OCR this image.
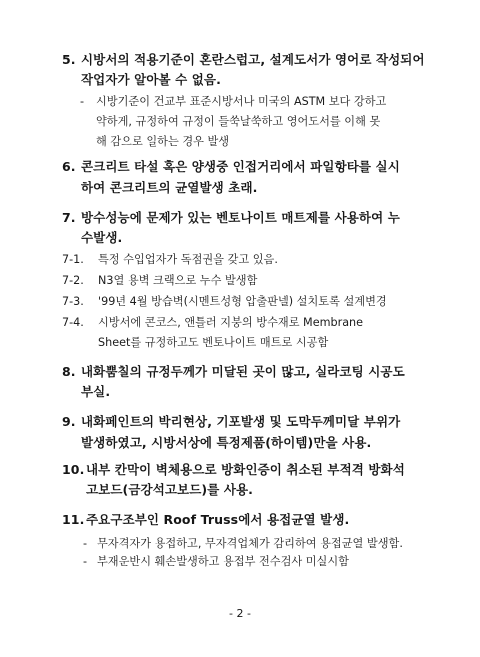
5. 시방서의 적용기준이 혼란스럽고, 설계도서가 영어로 작성되어
작업자가 알아볼 수 없음.
- 시방기준이 건교부 표준시방서나 미국의 ASTM 보다 강하고
약하게, 규정하여 규정이 들쑥날쑥하고 영어도서를 이해 못
해 감으로 일하는 경우 발생
6. 콘크리트 타설 혹은 양생중 인접거리에서 파일항타를 실시
하여 콘크리트의 균열발생 초래.
7. 방수성능에 문제가 있는 벤토나이트 매트제를 사용하여 누
수발생.
7-1. 특정 수입업자가 독점권을 갖고 있음.
7-2. N3열 용벽 크랙으로 누수 발생함
7-3. '99년 4월 방습벽(시멘트성형 압출판넬) 설치토록 설계변경
7-4. 시방서에 콘코스, 앤틀러 지붕의 방수재로 Membrane
Sheet를 규정하고도 벤토나이트 매트로 시공함
8. 내화뿜칠의 규정두께가 미달된 곳이 많고, 실라코팅 시공도
부실.
9. 내화페인트의 박리현상, 기포발생 및 도막두께미달 부위가
발생하였고, 시방서상에 특정제품(하이템)만을 사용.
10. 내부 칸막이 벽체용으로 방화인증이 취소된 부적격 방화석
고보드(금강석고보드)를 사용.
11. 주요구조부인 Roof Truss에서 용접균열 발생.
- 무자격자가 용접하고, 무자격업체가 감리하여 용접균열 발생함.
- 부재운반시 훼손발생하고 용접부 전수검사 미실시함
- 2 -
